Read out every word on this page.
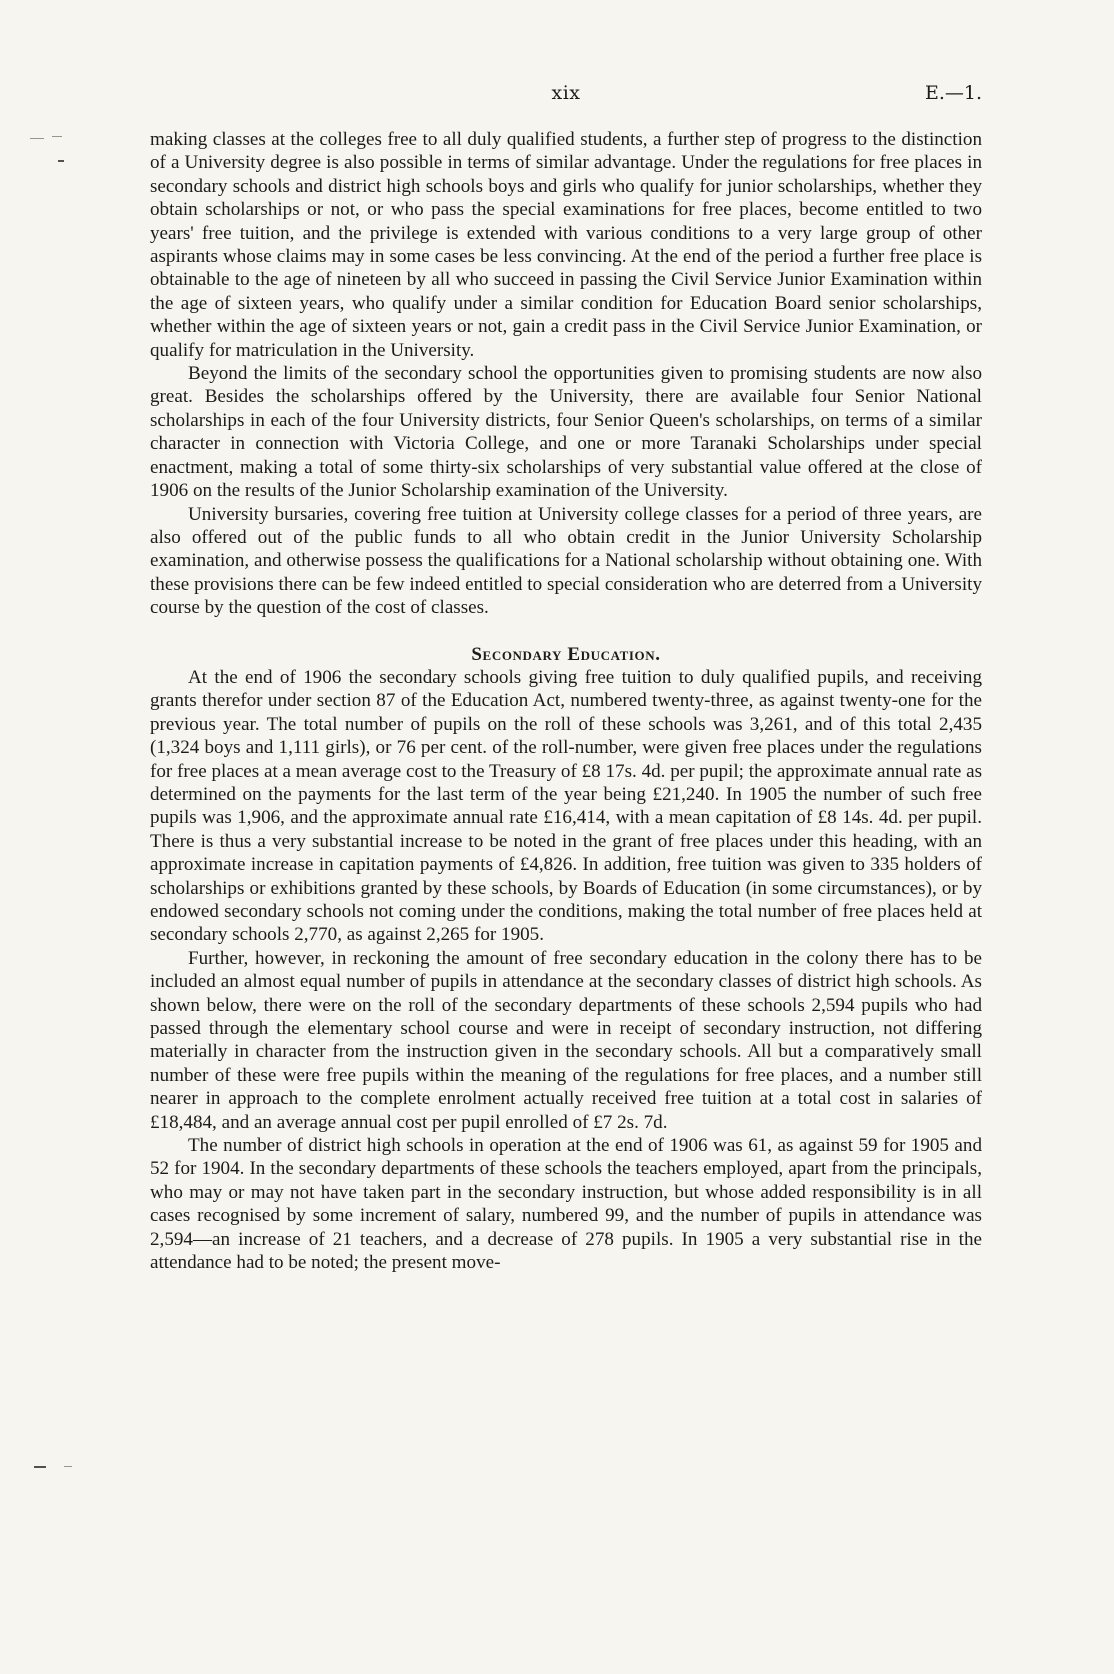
xix	E.—1.

making classes at the colleges free to all duly qualified students, a further step of progress to the distinction of a University degree is also possible in terms of similar advantage. Under the regulations for free places in secondary schools and district high schools boys and girls who qualify for junior scholarships, whether they obtain scholarships or not, or who pass the special examinations for free places, become entitled to two years' free tuition, and the privilege is extended with various conditions to a very large group of other aspirants whose claims may in some cases be less convincing. At the end of the period a further free place is obtainable to the age of nineteen by all who succeed in passing the Civil Service Junior Examination within the age of sixteen years, who qualify under a similar condition for Education Board senior scholarships, whether within the age of sixteen years or not, gain a credit pass in the Civil Service Junior Examination, or qualify for matriculation in the University.

Beyond the limits of the secondary school the opportunities given to promising students are now also great. Besides the scholarships offered by the University, there are available four Senior National scholarships in each of the four University districts, four Senior Queen's scholarships, on terms of a similar character in connection with Victoria College, and one or more Taranaki Scholarships under special enactment, making a total of some thirty-six scholarships of very substantial value offered at the close of 1906 on the results of the Junior Scholarship examination of the University.

University bursaries, covering free tuition at University college classes for a period of three years, are also offered out of the public funds to all who obtain credit in the Junior University Scholarship examination, and otherwise possess the qualifications for a National scholarship without obtaining one. With these provisions there can be few indeed entitled to special consideration who are deterred from a University course by the question of the cost of classes.

Secondary Education.

At the end of 1906 the secondary schools giving free tuition to duly qualified pupils, and receiving grants therefor under section 87 of the Education Act, numbered twenty-three, as against twenty-one for the previous year. The total number of pupils on the roll of these schools was 3,261, and of this total 2,435 (1,324 boys and 1,111 girls), or 76 per cent. of the roll-number, were given free places under the regulations for free places at a mean average cost to the Treasury of £8 17s. 4d. per pupil; the approximate annual rate as determined on the payments for the last term of the year being £21,240. In 1905 the number of such free pupils was 1,906, and the approximate annual rate £16,414, with a mean capitation of £8 14s. 4d. per pupil. There is thus a very substantial increase to be noted in the grant of free places under this heading, with an approximate increase in capitation payments of £4,826. In addition, free tuition was given to 335 holders of scholarships or exhibitions granted by these schools, by Boards of Education (in some circumstances), or by endowed secondary schools not coming under the conditions, making the total number of free places held at secondary schools 2,770, as against 2,265 for 1905.

Further, however, in reckoning the amount of free secondary education in the colony there has to be included an almost equal number of pupils in attendance at the secondary classes of district high schools. As shown below, there were on the roll of the secondary departments of these schools 2,594 pupils who had passed through the elementary school course and were in receipt of secondary instruction, not differing materially in character from the instruction given in the secondary schools. All but a comparatively small number of these were free pupils within the meaning of the regulations for free places, and a number still nearer in approach to the complete enrolment actually received free tuition at a total cost in salaries of £18,484, and an average annual cost per pupil enrolled of £7 2s. 7d.

The number of district high schools in operation at the end of 1906 was 61, as against 59 for 1905 and 52 for 1904. In the secondary departments of these schools the teachers employed, apart from the principals, who may or may not have taken part in the secondary instruction, but whose added responsibility is in all cases recognised by some increment of salary, numbered 99, and the number of pupils in attendance was 2,594—an increase of 21 teachers, and a decrease of 278 pupils. In 1905 a very substantial rise in the attendance had to be noted; the present move-
